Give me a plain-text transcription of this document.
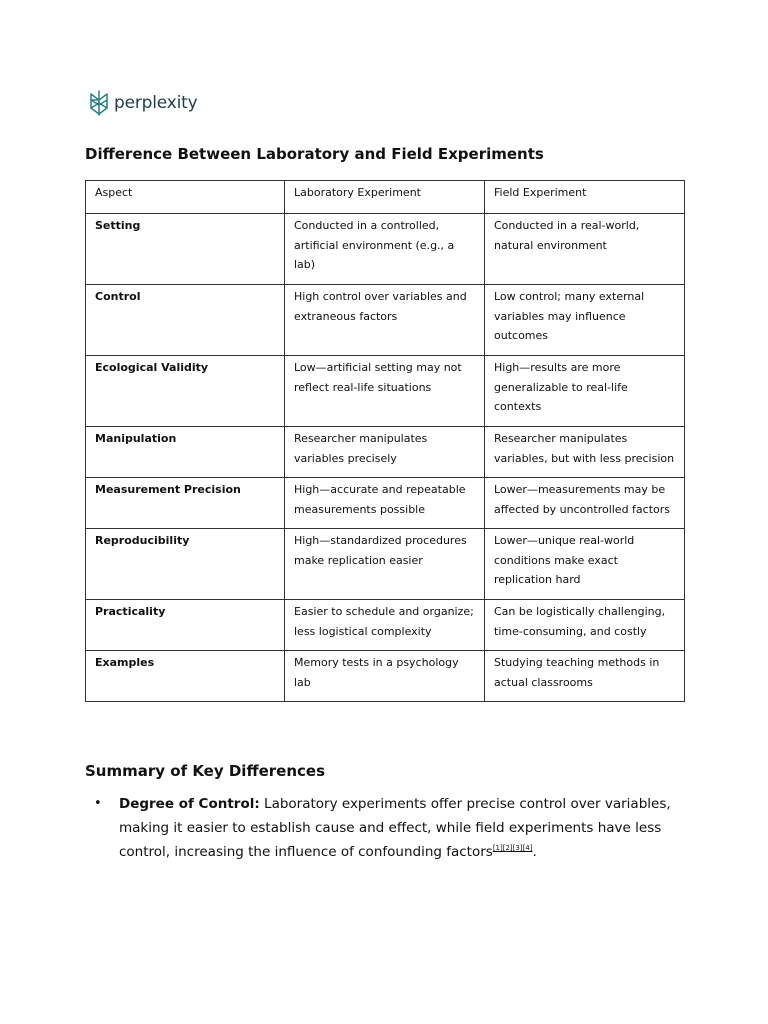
perplexity
Difference Between Laboratory and Field Experiments
Aspect	Laboratory Experiment	Field Experiment
Setting	Conducted in a controlled, artificial environment (e.g., a lab)	Conducted in a real-world, natural environment
Control	High control over variables and extraneous factors	Low control; many external variables may influence outcomes
Ecological Validity	Low—artificial setting may not reflect real-life situations	High—results are more generalizable to real-life contexts
Manipulation	Researcher manipulates variables precisely	Researcher manipulates variables, but with less precision
Measurement Precision	High—accurate and repeatable measurements possible	Lower—measurements may be affected by uncontrolled factors
Reproducibility	High—standardized procedures make replication easier	Lower—unique real-world conditions make exact replication hard
Practicality	Easier to schedule and organize; less logistical complexity	Can be logistically challenging, time-consuming, and costly
Examples	Memory tests in a psychology lab	Studying teaching methods in actual classrooms
Summary of Key Differences
• Degree of Control: Laboratory experiments offer precise control over variables, making it easier to establish cause and effect, while field experiments have less control, increasing the influence of confounding factors[1][2][3][4].
